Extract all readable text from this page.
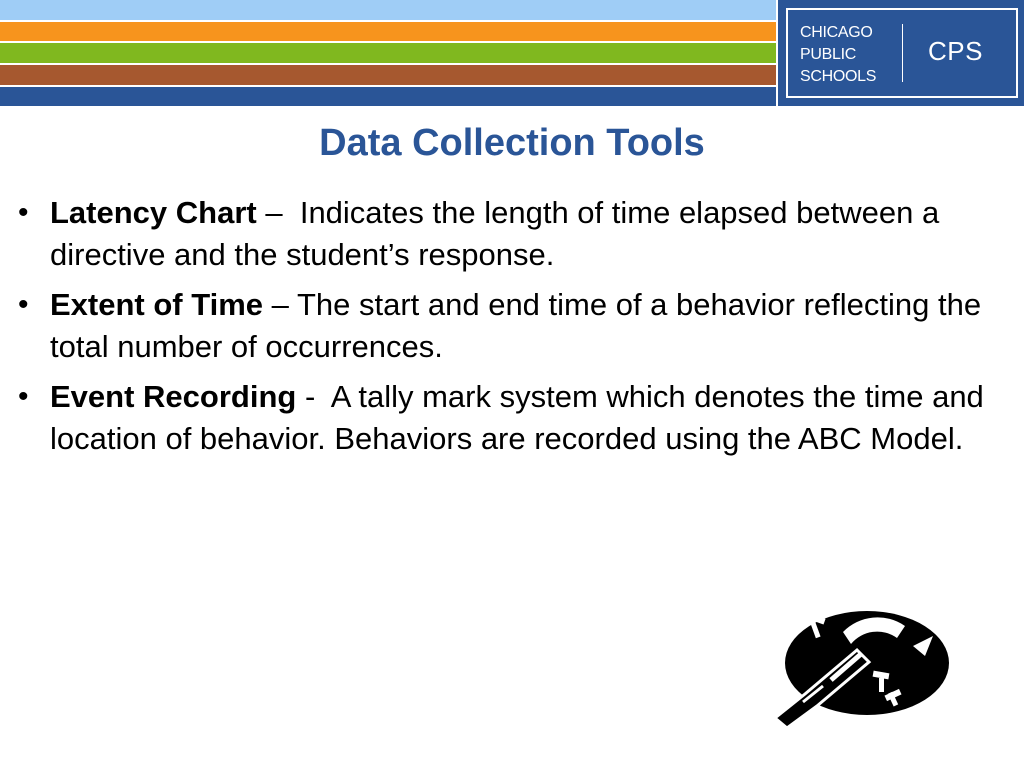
CHICAGO
PUBLIC
SCHOOLS
CPS
Data Collection Tools
• Latency Chart –  Indicates the length of time elapsed between a directive and the student’s response.
• Extent of Time – The start and end time of a behavior reflecting the total number of occurrences.
• Event Recording -  A tally mark system which denotes the time and location of behavior. Behaviors are recorded using the ABC Model.
